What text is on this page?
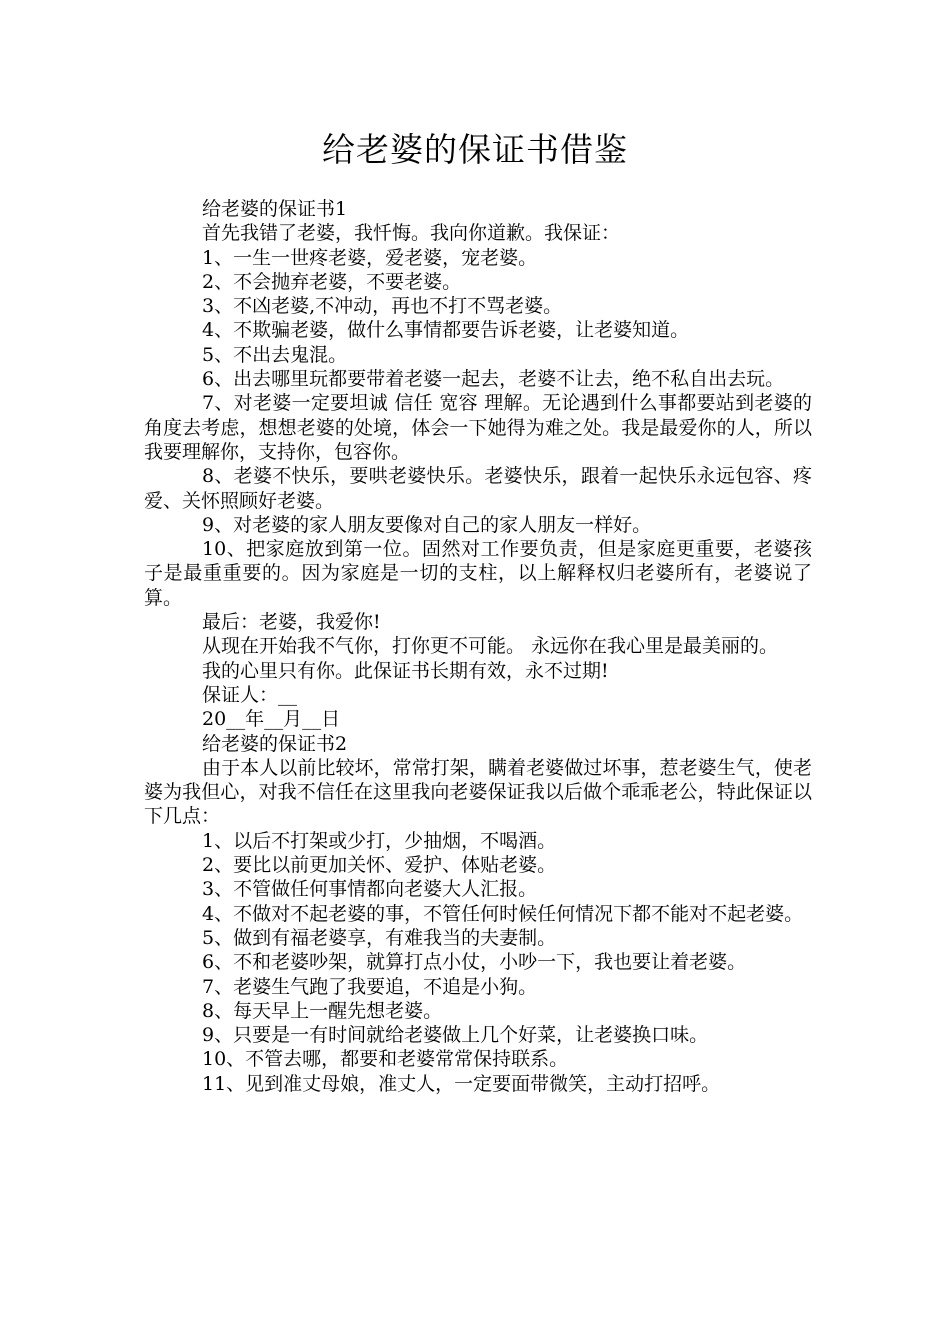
给老婆的保证书借鉴

给老婆的保证书1

首先我错了老婆，我忏悔。我向你道歉。我保证：

1、一生一世疼老婆，爱老婆，宠老婆。

2、不会抛弃老婆，不要老婆。

3、不凶老婆,不冲动，再也不打不骂老婆。

4、不欺骗老婆，做什么事情都要告诉老婆，让老婆知道。

5、不出去鬼混。

6、出去哪里玩都要带着老婆一起去，老婆不让去，绝不私自出去玩。

7、对老婆一定要坦诚 信任 宽容 理解。无论遇到什么事都要站到老婆的角度去考虑，想想老婆的处境，体会一下她得为难之处。我是最爱你的人，所以我要理解你，支持你，包容你。

8、老婆不快乐，要哄老婆快乐。老婆快乐，跟着一起快乐永远包容、疼爱、关怀照顾好老婆。

9、对老婆的家人朋友要像对自己的家人朋友一样好。

10、把家庭放到第一位。固然对工作要负责，但是家庭更重要，老婆孩子是最重重要的。因为家庭是一切的支柱，以上解释权归老婆所有，老婆说了算。

最后：老婆，我爱你!

从现在开始我不气你，打你更不可能。 永远你在我心里是最美丽的。

我的心里只有你。此保证书长期有效，永不过期!

保证人：__

20__年__月__日

给老婆的保证书2

由于本人以前比较坏，常常打架，瞒着老婆做过坏事，惹老婆生气，使老婆为我但心，对我不信任在这里我向老婆保证我以后做个乖乖老公，特此保证以下几点：

1、以后不打架或少打，少抽烟，不喝酒。

2、要比以前更加关怀、爱护、体贴老婆。

3、不管做任何事情都向老婆大人汇报。

4、不做对不起老婆的事，不管任何时候任何情况下都不能对不起老婆。

5、做到有福老婆享，有难我当的夫妻制。

6、不和老婆吵架，就算打点小仗，小吵一下，我也要让着老婆。

7、老婆生气跑了我要追，不追是小狗。

8、每天早上一醒先想老婆。

9、只要是一有时间就给老婆做上几个好菜，让老婆换口味。

10、不管去哪，都要和老婆常常保持联系。

11、见到准丈母娘，准丈人，一定要面带微笑，主动打招呼。
